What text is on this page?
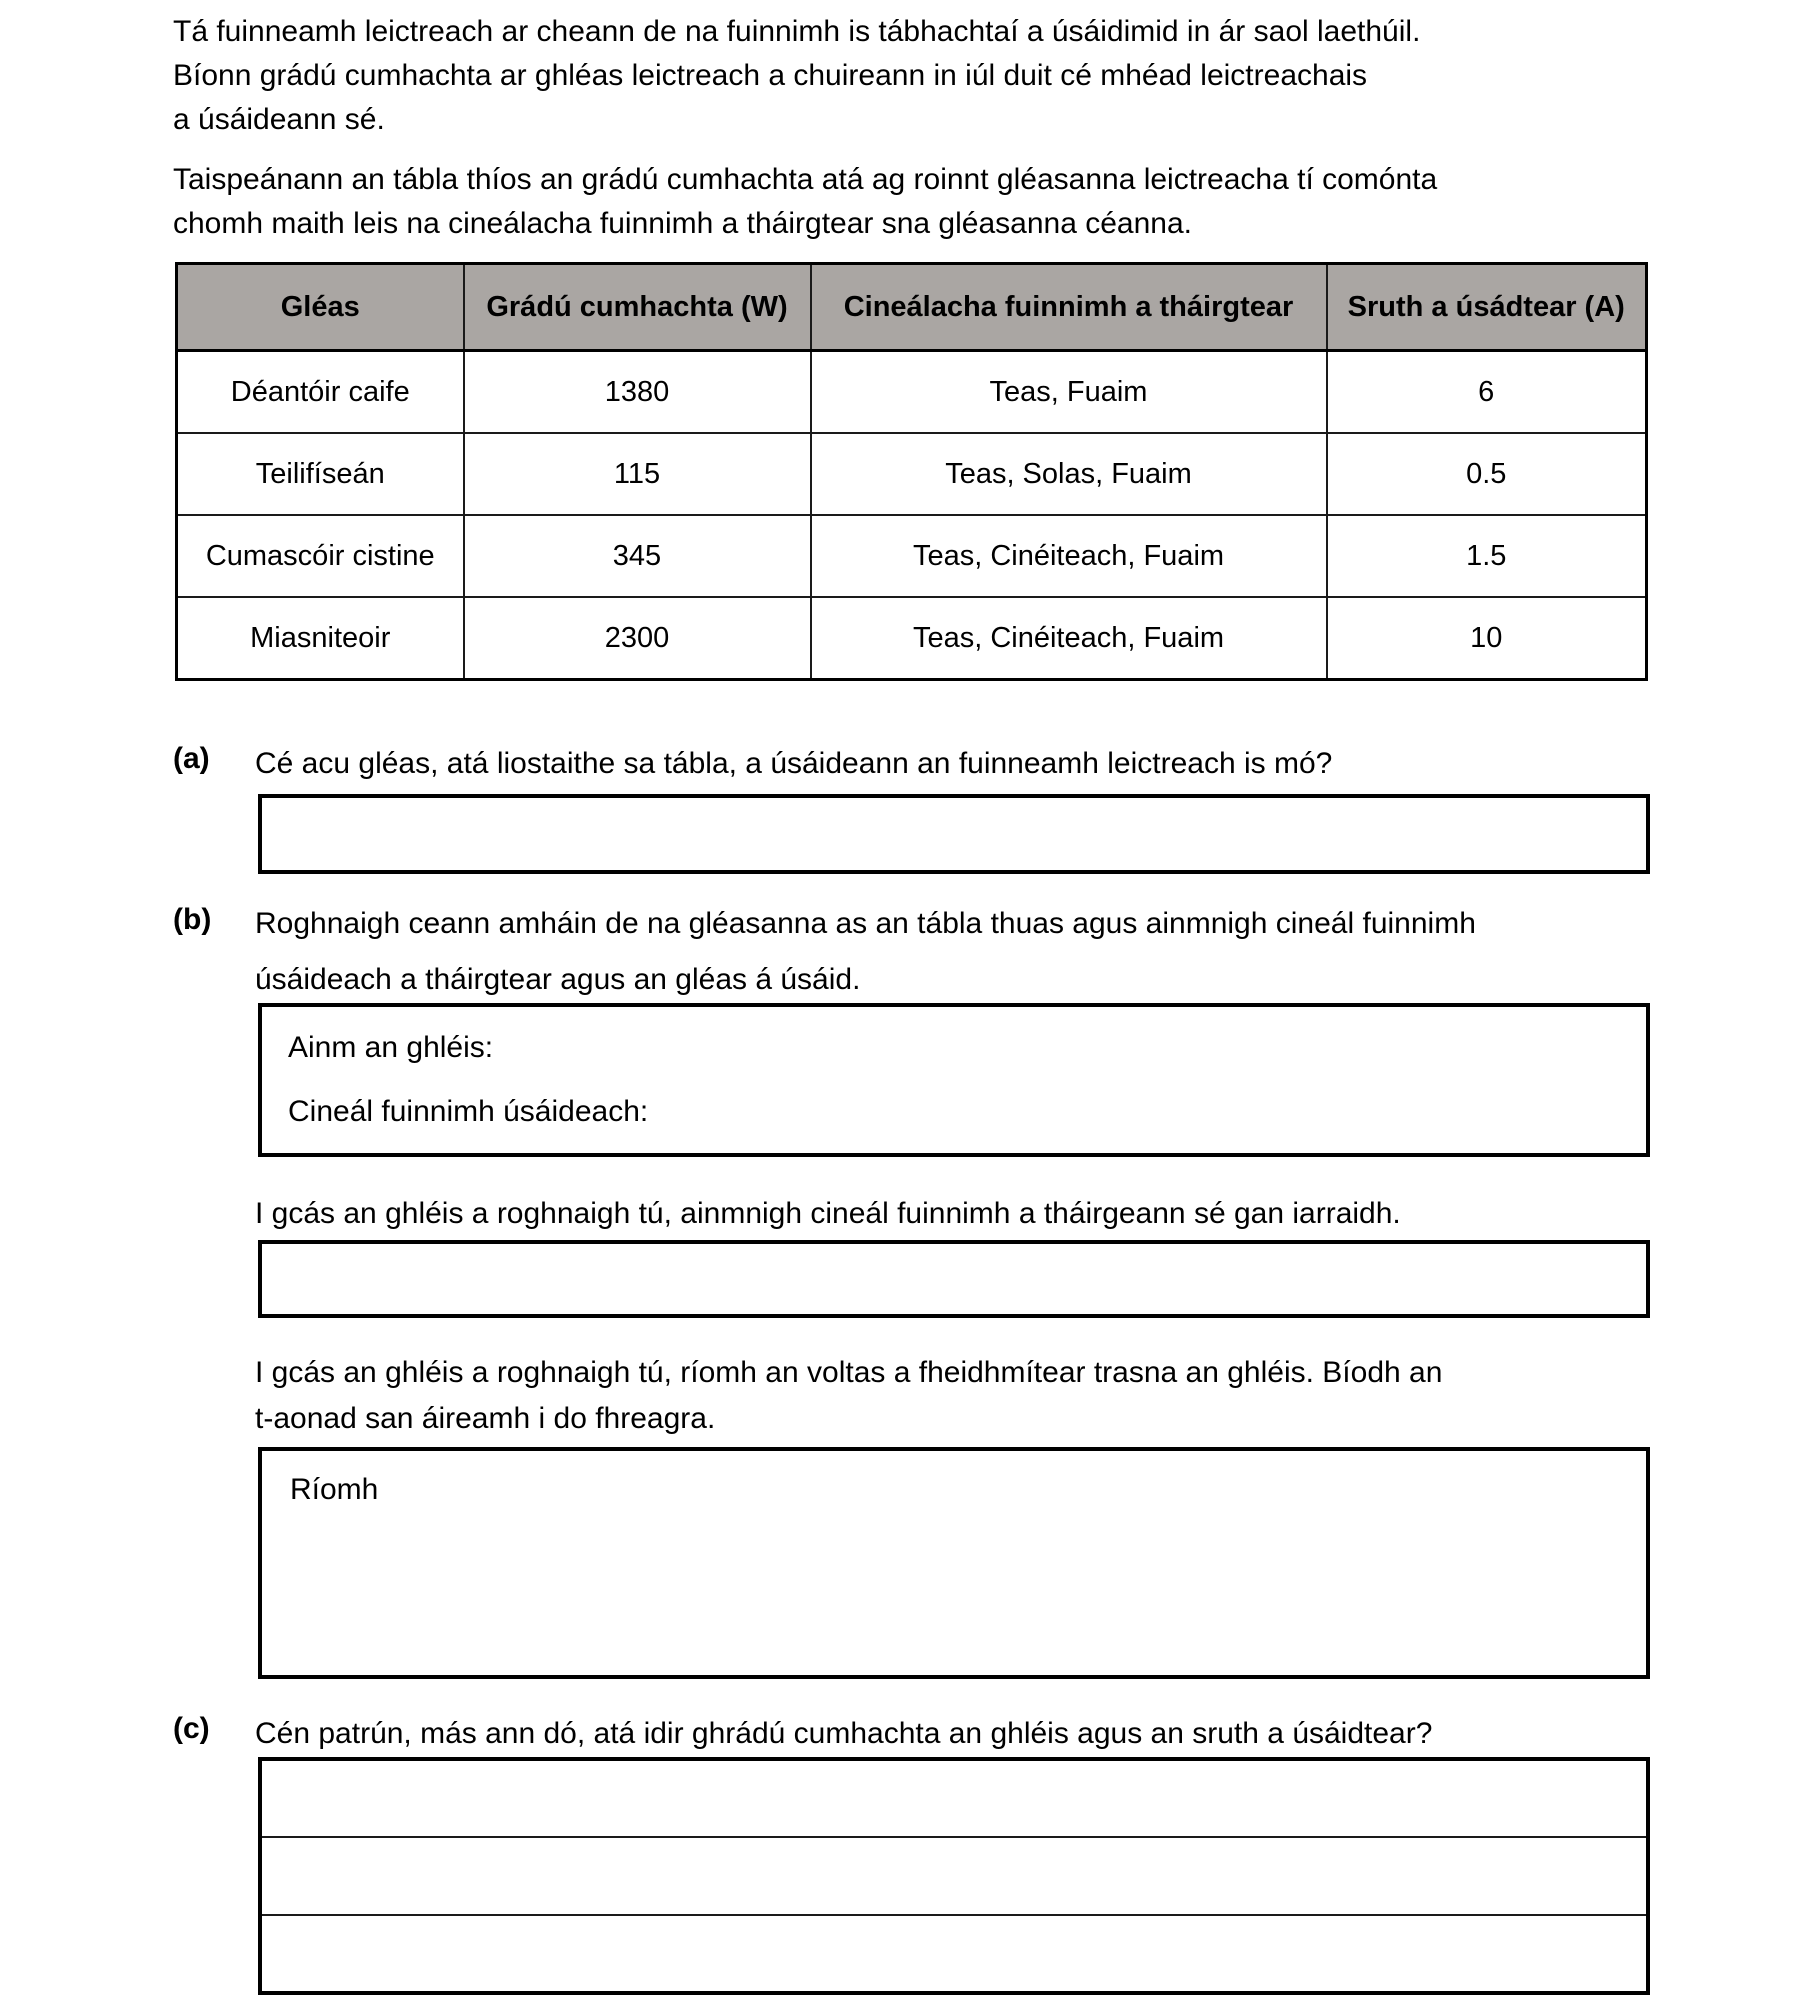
Tá fuinneamh leictreach ar cheann de na fuinnimh is tábhachtaí a úsáidimid in ár saol laethúil.
Bíonn grádú cumhachta ar ghléas leictreach a chuireann in iúl duit cé mhéad leictreachais
a úsáideann sé.
Taispeánann an tábla thíos an grádú cumhachta atá ag roinnt gléasanna leictreacha tí comónta
chomh maith leis na cineálacha fuinnimh a tháirgtear sna gléasanna céanna.
Gléas	Grádú cumhachta (W)	Cineálacha fuinnimh a tháirgtear	Sruth a úsádtear (A)
Déantóir caife	1380	Teas, Fuaim	6
Teilifíseán	115	Teas, Solas, Fuaim	0.5
Cumascóir cistine	345	Teas, Cinéiteach, Fuaim	1.5
Miasniteoir	2300	Teas, Cinéiteach, Fuaim	10
(a) Cé acu gléas, atá liostaithe sa tábla, a úsáideann an fuinneamh leictreach is mó?
(b) Roghnaigh ceann amháin de na gléasanna as an tábla thuas agus ainmnigh cineál fuinnimh
úsáideach a tháirgtear agus an gléas á úsáid.
Ainm an ghléis:
Cineál fuinnimh úsáideach:
I gcás an ghléis a roghnaigh tú, ainmnigh cineál fuinnimh a tháirgeann sé gan iarraidh.
I gcás an ghléis a roghnaigh tú, ríomh an voltas a fheidhmítear trasna an ghléis. Bíodh an
t-aonad san áireamh i do fhreagra.
Ríomh
(c) Cén patrún, más ann dó, atá idir ghrádú cumhachta an ghléis agus an sruth a úsáidtear?
